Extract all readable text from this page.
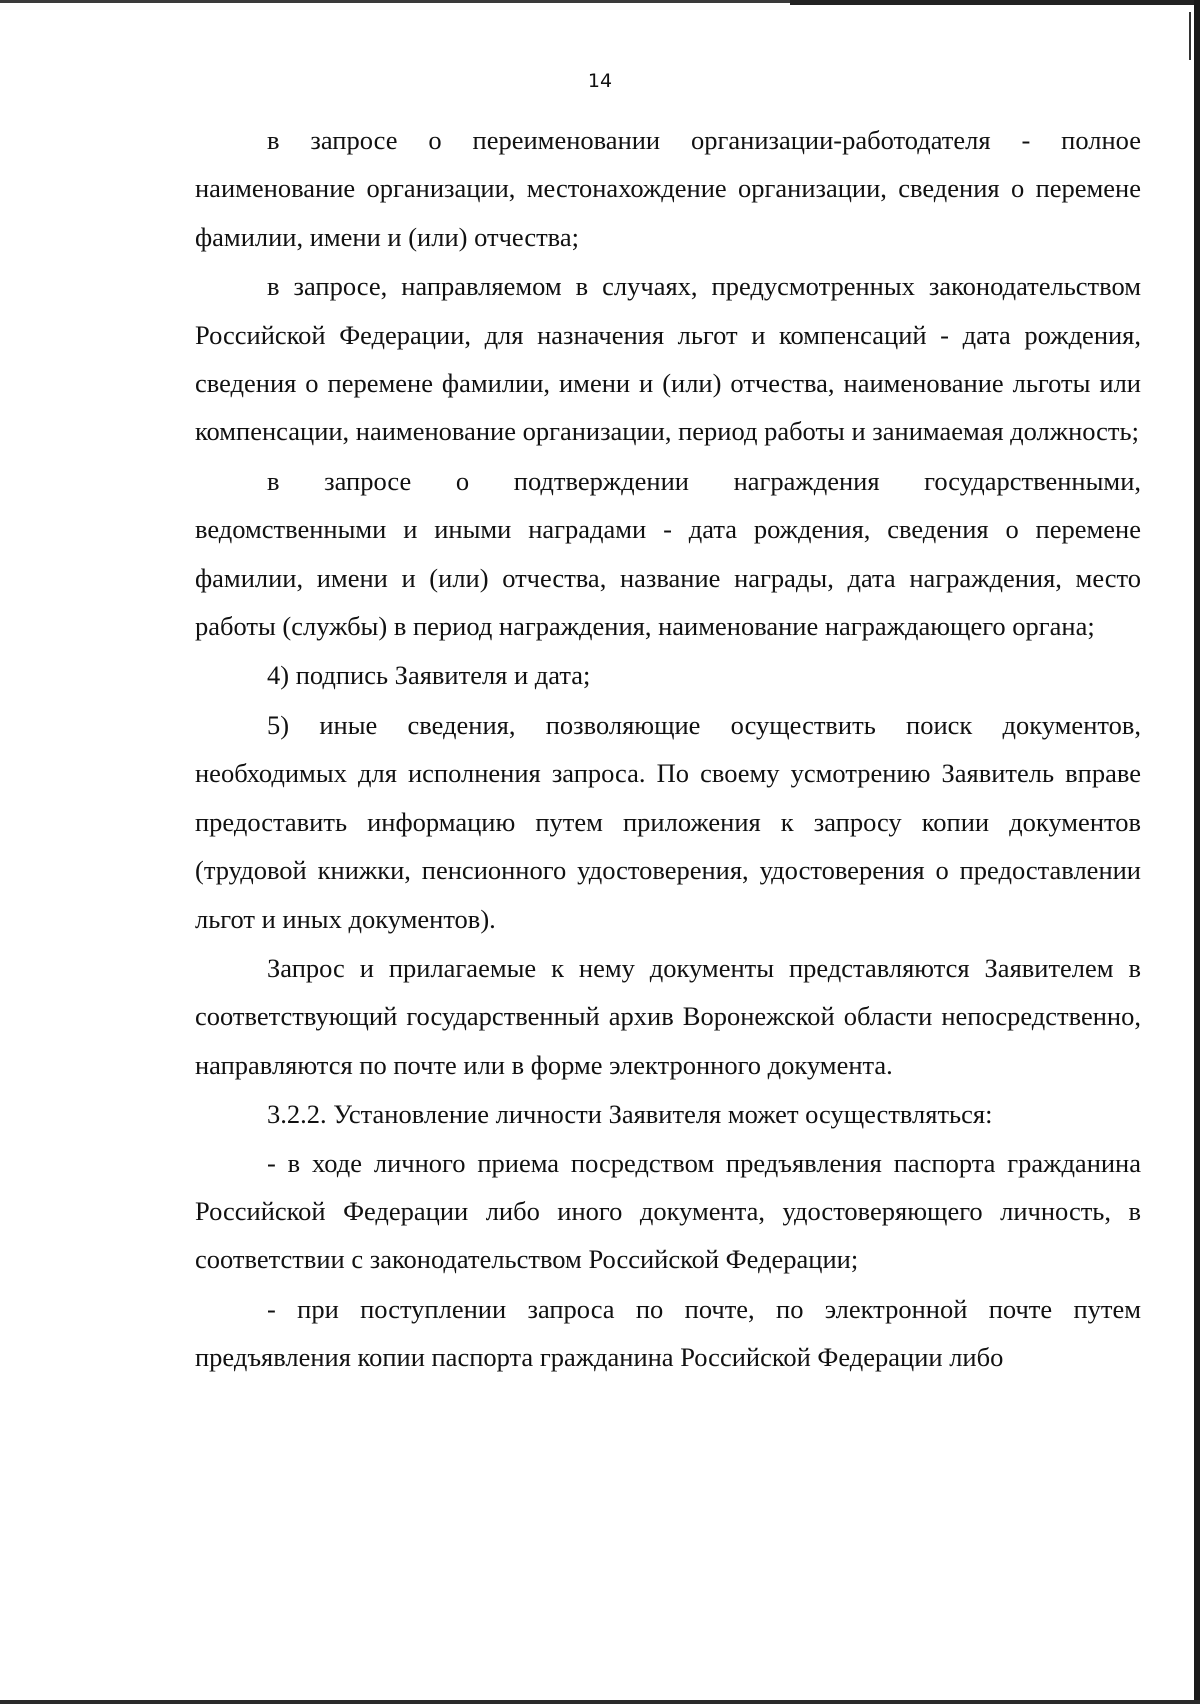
14

в запросе о переименовании организации-работодателя - полное наименование организации, местонахождение организации, сведения о перемене фамилии, имени и (или) отчества;

в запросе, направляемом в случаях, предусмотренных законодательством Российской Федерации, для назначения льгот и компенсаций - дата рождения, сведения о перемене фамилии, имени и (или) отчества, наименование льготы или компенсации, наименование организации, период работы и занимаемая должность;

в запросе о подтверждении награждения государственными, ведомственными и иными наградами - дата рождения, сведения о перемене фамилии, имени и (или) отчества, название награды, дата награждения, место работы (службы) в период награждения, наименование награждающего органа;

4) подпись Заявителя и дата;

5) иные сведения, позволяющие осуществить поиск документов, необходимых для исполнения запроса. По своему усмотрению Заявитель вправе предоставить информацию путем приложения к запросу копии документов (трудовой книжки, пенсионного удостоверения, удостоверения о предоставлении льгот и иных документов).

Запрос и прилагаемые к нему документы представляются Заявителем в соответствующий государственный архив Воронежской области непосредственно, направляются по почте или в форме электронного документа.

3.2.2. Установление личности Заявителя может осуществляться:

- в ходе личного приема посредством предъявления паспорта гражданина Российской Федерации либо иного документа, удостоверяющего личность, в соответствии с законодательством Российской Федерации;

- при поступлении запроса по почте, по электронной почте путем предъявления копии паспорта гражданина Российской Федерации либо
